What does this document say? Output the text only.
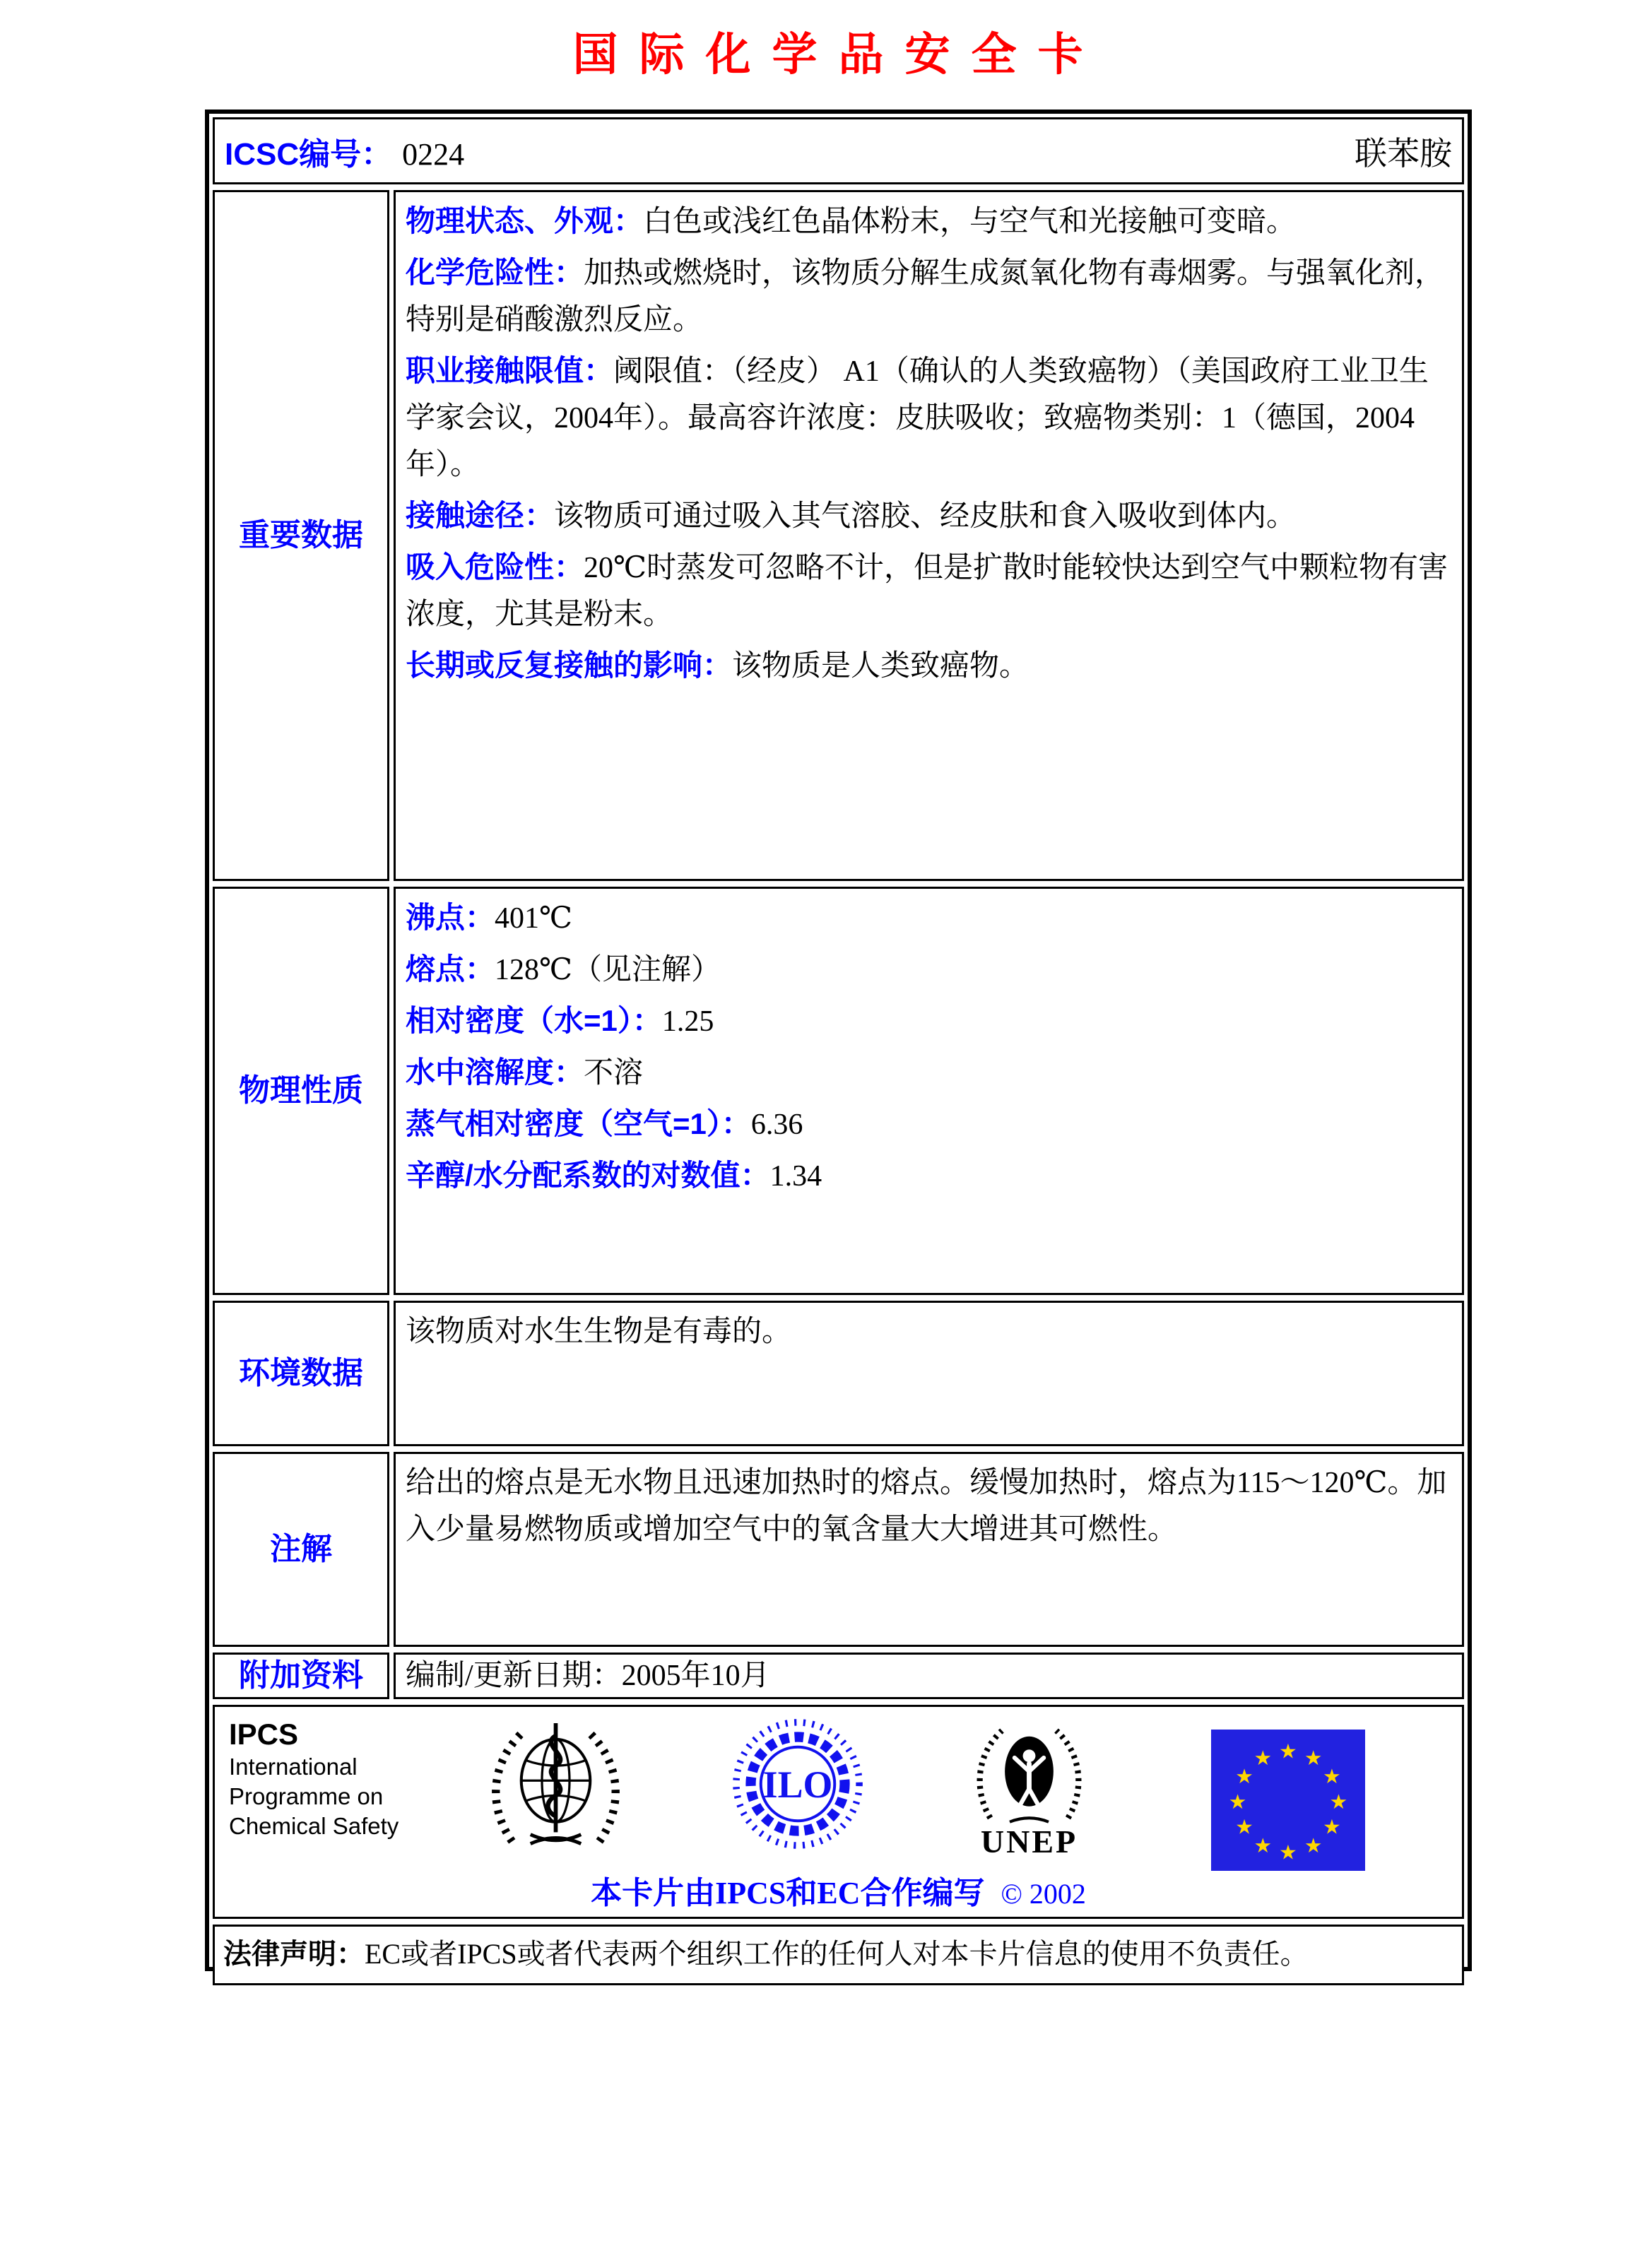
国际化学品安全卡
ICSC编号： 0224	联苯胺
重要数据
物理状态、外观：白色或浅红色晶体粉末，与空气和光接触可变暗。
化学危险性：加热或燃烧时，该物质分解生成氮氧化物有毒烟雾。与强氧化剂，特别是硝酸激烈反应。
职业接触限值：阈限值：（经皮） A1（确认的人类致癌物）（美国政府工业卫生学家会议，2004年）。最高容许浓度：皮肤吸收；致癌物类别：1（德国，2004年）。
接触途径：该物质可通过吸入其气溶胶、经皮肤和食入吸收到体内。
吸入危险性：20℃时蒸发可忽略不计，但是扩散时能较快达到空气中颗粒物有害浓度，尤其是粉末。
长期或反复接触的影响：该物质是人类致癌物。
物理性质
沸点：401℃
熔点：128℃（见注解）
相对密度（水=1）：1.25
水中溶解度：不溶
蒸气相对密度（空气=1）：6.36
辛醇/水分配系数的对数值：1.34
环境数据
该物质对水生生物是有毒的。
注解
给出的熔点是无水物且迅速加热时的熔点。缓慢加热时，熔点为115～120℃。加入少量易燃物质或增加空气中的氧含量大大增进其可燃性。
附加资料 编制/更新日期：2005年10月
IPCS
International
Programme on
Chemical Safety
ILO
UNEP
★ ★
★
★
★
★
★
★
★
★
★
★
本卡片由IPCS和EC合作编写 © 2002
法律声明：EC或者IPCS或者代表两个组织工作的任何人对本卡片信息的使用不负责任。
